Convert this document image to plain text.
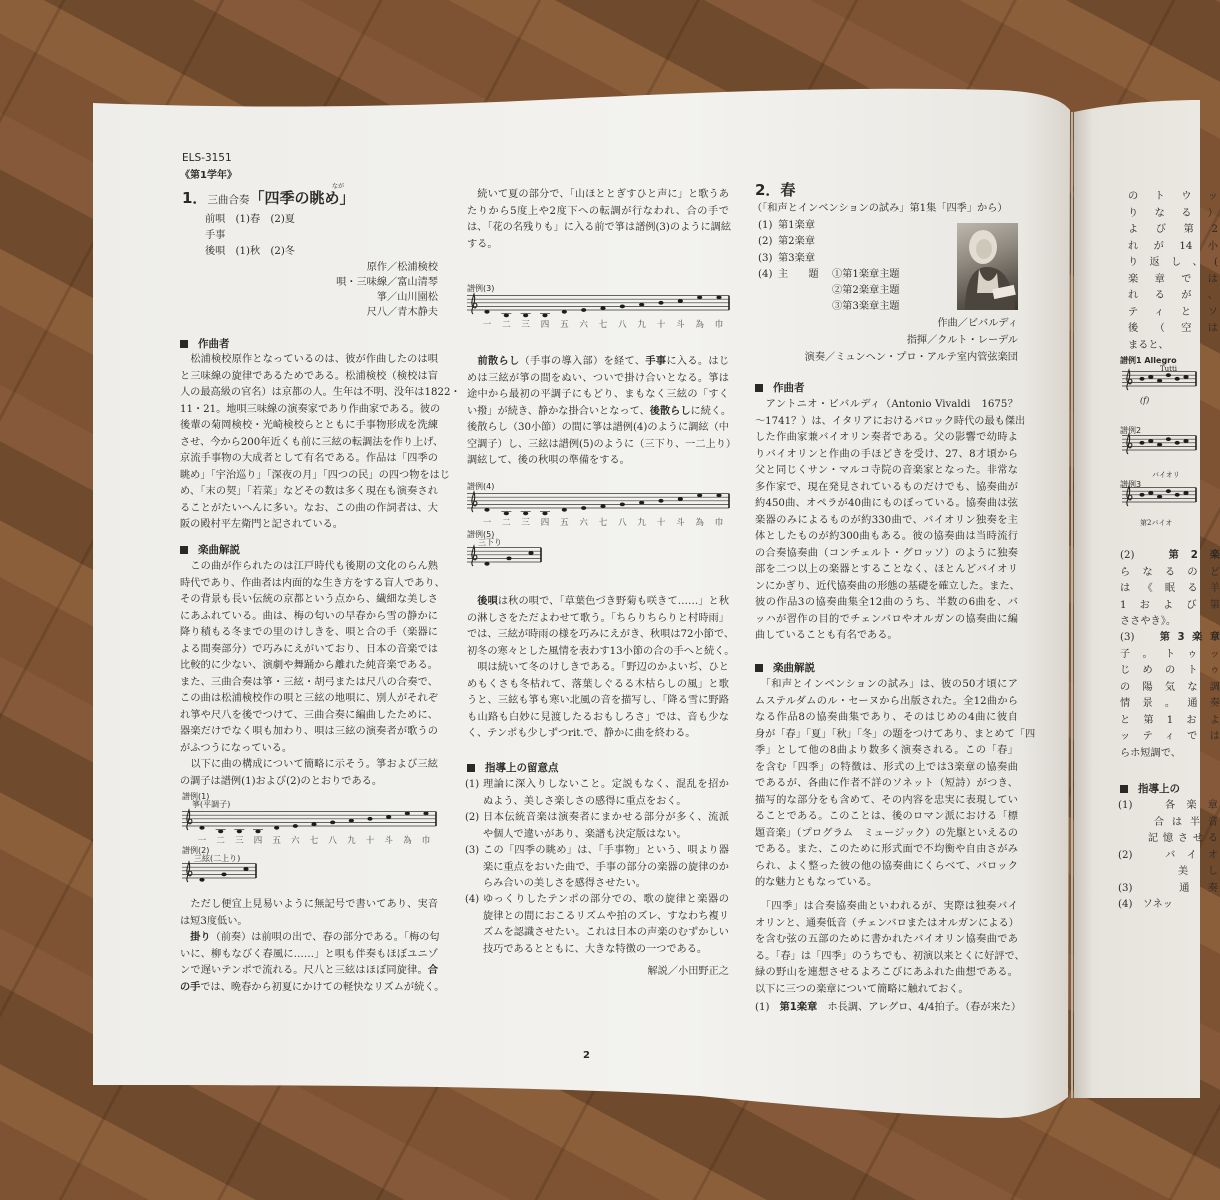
ELS-3151
《第1学年》
1．三曲合奏「四季の眺め」
なが
前唄　(1)春　(2)夏
手事
後唄　(1)秋　(2)冬
原作／松浦検校
唄・三味線／富山清琴
箏／山川園松
尺八／青木静夫
作曲者
　松浦検校原作となっているのは、彼が作曲したのは唄
と三味線の旋律であるためである。松浦検校（検校は盲
人の最高級の官名）は京都の人。生年は不明、没年は1822・
11・21。地唄三味線の演奏家であり作曲家である。彼の
後輩の菊岡検校・光崎検校らとともに手事物形成を洗練
させ、今から200年近くも前に三絃の転調法を作り上げ、
京流手事物の大成者として有名である。作品は「四季の
眺め」「宇治巡り」「深夜の月」「四つの民」の四つ物をはじ
め、「末の契」「若菜」などその数は多く現在も演奏され
ることがたいへんに多い。なお、この曲の作詞者は、大
阪の殿村平左衛門と記されている。
楽曲解説
　この曲が作られたのは江戸時代も後期の文化のらん熟
時代であり、作曲者は内面的な生き方をする盲人であり、
その背景も長い伝統の京都という点から、繊細な美しさ
にあふれている。曲は、梅の匂いの早春から雪の静かに
降り積もる冬までの里のけしきを、唄と合の手（楽器に
よる間奏部分）で巧みにえがいており、日本の音楽では
比較的に少ない、演劇や舞踊から離れた純音楽である。
また、三曲合奏は箏・三絃・胡弓または尺八の合奏で、
この曲は松浦検校作の唄と三絃の地唄に、別人がそれぞ
れ箏や尺八を後でつけて、三曲合奏に編曲したために、
器楽だけでなく唄も加わり、唄は三絃の演奏者が歌うの
がふつうになっている。
　以下に曲の構成について簡略に示そう。箏および三絃
の調子は譜例(1)および(2)のとおりである。
譜例(1)
箏(平調子)
一 二 三 四 五 六 七 八 九 十 斗 為 巾
譜例(2)
三絃(二上り)
　ただし便宜上見易いように無記号で書いてあり、実音
は短3度低い。
　掛り（前奏）は前唄の出で、春の部分である。「梅の匂
いに、柳もなびく春風に……」と唄も伴奏もほぼユニゾ
ンで遅いテンポで流れる。尺八と三絃はほぼ同旋律。合
の手では、晩春から初夏にかけての軽快なリズムが続く。
　続いて夏の部分で、「山ほととぎすひと声に」と歌うあ
たりから5度上や2度下への転調が行なわれ、合の手で
は、「花の名残りも」に入る前で箏は譜例(3)のように調絃
する。
譜例(3)
一 二 三 四 五 六 七 八 九 十 斗 為 巾
　前散らし（手事の導入部）を経て、手事に入る。はじ
めは三絃が箏の間をぬい、ついで掛け合いとなる。箏は
途中から最初の平調子にもどり、まもなく三絃の「すく
い撥」が続き、静かな掛合いとなって、後散らしに続く。
後散らし（30小節）の間に箏は譜例(4)のように調絃（中
空調子）し、三絃は譜例(5)のように（三下り、一二上り）
調絃して、後の秋唄の準備をする。
譜例(4)
一 二 三 四 五 六 七 八 九 十 斗 為 巾
譜例(5)
三下り
　後唄は秋の唄で、「草葉色づき野菊も咲きて……」と秋
の淋しさをただよわせて歌う。「ちらりちらりと村時雨」
では、三絃が時雨の様を巧みにえがき、秋唄は72小節で、
初冬の寒々とした風情を表わす13小節の合の手へと続く。
　唄は続いて冬のけしきである。「野辺のかよいぢ、ひと
めもくさも冬枯れて、落葉しぐるる木枯らしの風」と歌
うと、三絃も箏も寒い北風の音を描写し、「降る雪に野路
も山路も白妙に見渡したるおもしろさ」では、音も少な
く、テンポも少しずつrit.で、静かに曲を終わる。
指導上の留意点
(1) 理論に深入りしないこと。定説もなく、混乱を招か
ぬよう、美しさ楽しさの感得に重点をおく。
(2) 日本伝統音楽は演奏者にまかせる部分が多く、流派
や個人で違いがあり、楽譜も決定版はない。
(3) この「四季の眺め」は、「手事物」という、唄より器
楽に重点をおいた曲で、手事の部分の楽器の旋律のか
らみ合いの美しさを感得させたい。
(4) ゆっくりしたテンポの部分での、歌の旋律と楽器の
旋律との間におこるリズムや拍のズレ、すなわち複リ
ズムを認識させたい。これは日本の声楽のむずかしい
技巧であるとともに、大きな特徴の一つである。
解説／小田野正之
2．春
（「和声とインベンションの試み」第1集「四季」から）
(1) 第1楽章
(2) 第2楽章
(3) 第3楽章
(4) 主　　題 ①第1楽章主題
②第2楽章主題
③第3楽章主題
作曲／ビバルディ
指揮／クルト・レーデル
演奏／ミュンヘン・プロ・アルテ室内管弦楽団
作曲者
　アントニオ・ビバルディ（Antonio Vivaldi　1675？
～1741？）は、イタリアにおけるバロック時代の最も傑出
した作曲家兼バイオリン奏者である。父の影響で幼時よ
りバイオリンと作曲の手ほどきを受け、27、8才頃から
父と同じくサン・マルコ寺院の音楽家となった。非常な
多作家で、現在発見されているものだけでも、協奏曲が
約450曲、オペラが40曲にものぼっている。協奏曲は弦
楽器のみによるものが約330曲で、バイオリン独奏を主
体としたものが約300曲もある。彼の協奏曲は当時流行
の合奏協奏曲（コンチェルト・グロッソ）のように独奏
部を二つ以上の楽器とすることなく、ほとんどバイオリ
ンにかぎり、近代協奏曲の形態の基礎を確立した。また、
彼の作品3の協奏曲集全12曲のうち、半数の6曲を、バ
ッハが習作の目的でチェンバロやオルガンの協奏曲に編
曲していることも有名である。
楽曲解説
　「和声とインベンションの試み」は、彼の50才頃にア
ムステルダムのル・セーヌから出版された。全12曲から
なる作品8の協奏曲集であり、そのはじめの4曲に彼自
身が「春」「夏」「秋」「冬」の題をつけてあり、まとめて「四
季」として他の8曲より数多く演奏される。この「春」
を含む「四季」の特徴は、形式の上では3楽章の協奏曲
であるが、各曲に作者不詳のソネット（短詩）がつき、
描写的な部分をも含めて、その内容を忠実に表現してい
ることである。このことは、後のロマン派における「標
題音楽」（プログラム　ミュージック）の先駆といえるの
である。また、このために形式面で不均衡や自由さがみ
られ、よく整った彼の他の協奏曲にくらべて、バロック
的な魅力ともなっている。
　「四季」は合奏協奏曲といわれるが、実際は独奏バイ
オリンと、通奏低音（チェンバロまたはオルガンによる）
を含む弦の五部のために書かれたバイオリン協奏曲であ
る。「春」は「四季」のうちでも、初演以来とくに好評で、
緑の野山を連想させるよろこびにあふれた曲想である。
以下に三つの楽章について簡略に触れておく。
(1)　第1楽章　ホ長調、アレグロ、4/4拍子。（春が来た）
2
のトウッ
りなる）
よび第2
れが14小
り返し、(
楽章では
れるが、
ティとソ
後（空は
まると、
譜例1 Allegro
Tutti
(f)
譜例2
バイオリ
譜例3
第2バイオ
(2)　第2楽
らなるのど
は《眠る羊
1および第
ささやき》。
(3)　第3楽章
子。トゥッ
じめのトゥ
の陽気な調
情景。通奏
と第1およ
ッティでは
らホ短調で、
指導上の
(1)　各楽章
　　合は半音
　　記憶させる
(2)　バイオ
　　美し
(3)　通奏
(4)　ソネッ
